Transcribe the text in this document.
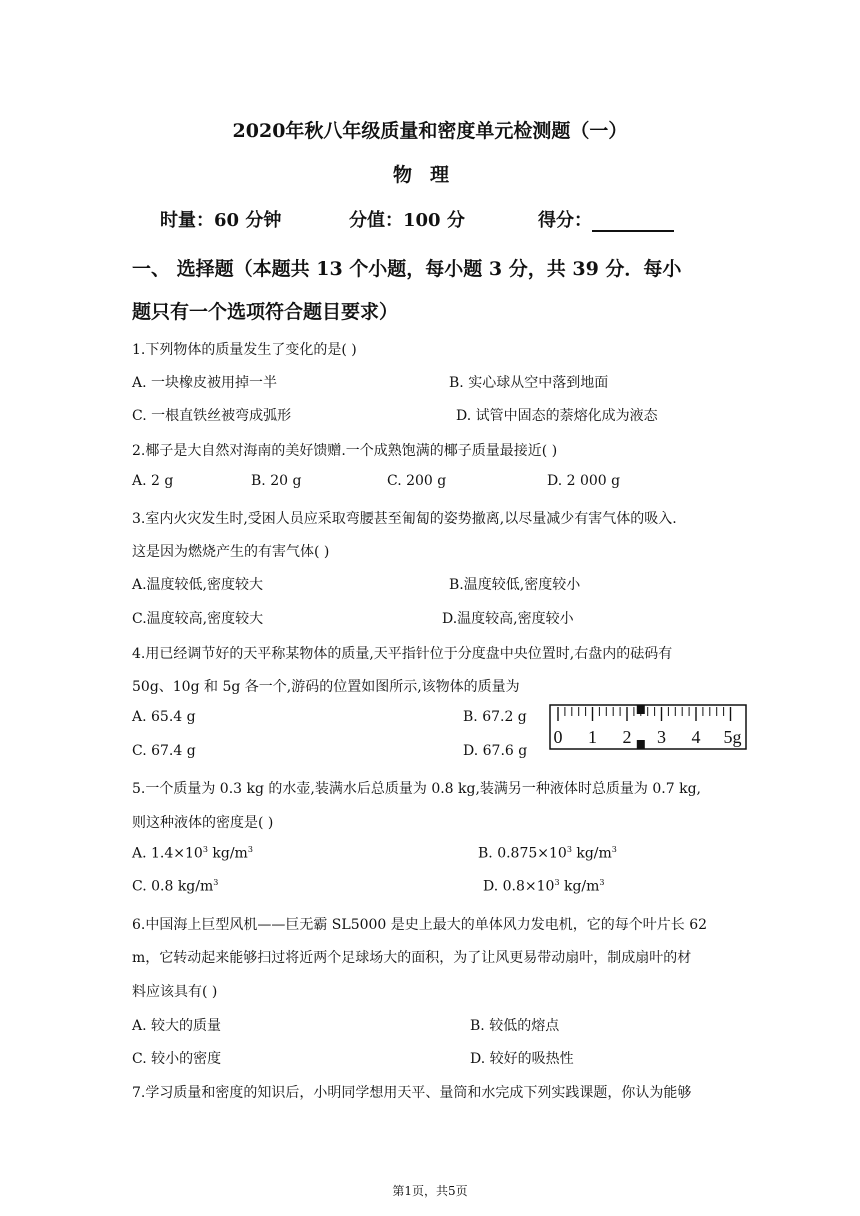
2020年秋八年级质量和密度单元检测题（一）
物理
时量：60 分钟	分值：100 分	得分：
一、 选择题（本题共 13 个小题，每小题 3 分，共 39 分．每小
题只有一个选项符合题目要求）
1.下列物体的质量发生了变化的是( )
A. 一块橡皮被用掉一半	B. 实心球从空中落到地面
C. 一根直铁丝被弯成弧形	D. 试管中固态的萘熔化成为液态
2.椰子是大自然对海南的美好馈赠.一个成熟饱满的椰子质量最接近( )
A. 2 g	B. 20 g	C. 200 g	D. 2 000 g
3.室内火灾发生时,受困人员应采取弯腰甚至匍匐的姿势撤离,以尽量减少有害气体的吸入.
这是因为燃烧产生的有害气体( )
A.温度较低,密度较大	B.温度较低,密度较小
C.温度较高,密度较大	D.温度较高,密度较小
4.用已经调节好的天平称某物体的质量,天平指针位于分度盘中央位置时,右盘内的砝码有
50g、10g 和 5g 各一个,游码的位置如图所示,该物体的质量为
A. 65.4 g	B. 67.2 g
C. 67.4 g	D. 67.6 g
0 1 2 3 4 5g
5.一个质量为 0.3 kg 的水壶,装满水后总质量为 0.8 kg,装满另一种液体时总质量为 0.7 kg,
则这种液体的密度是( )
A. $1.4\times 10^3$ $kg/m^3$	B. $0.875\times 10^3$ $kg/m^3$
C. 0.8 $kg/m^3$	D. $0.8\times 10^3$ $kg/m^3$
6.中国海上巨型风机——巨无霸 SL5000 是史上最大的单体风力发电机，它的每个叶片长 62
m，它转动起来能够扫过将近两个足球场大的面积，为了让风更易带动扇叶，制成扇叶的材
料应该具有( )
A. 较大的质量	B. 较低的熔点
C. 较小的密度	D. 较好的吸热性
7.学习质量和密度的知识后，小明同学想用天平、量筒和水完成下列实践课题，你认为能够
第1页，共5页
